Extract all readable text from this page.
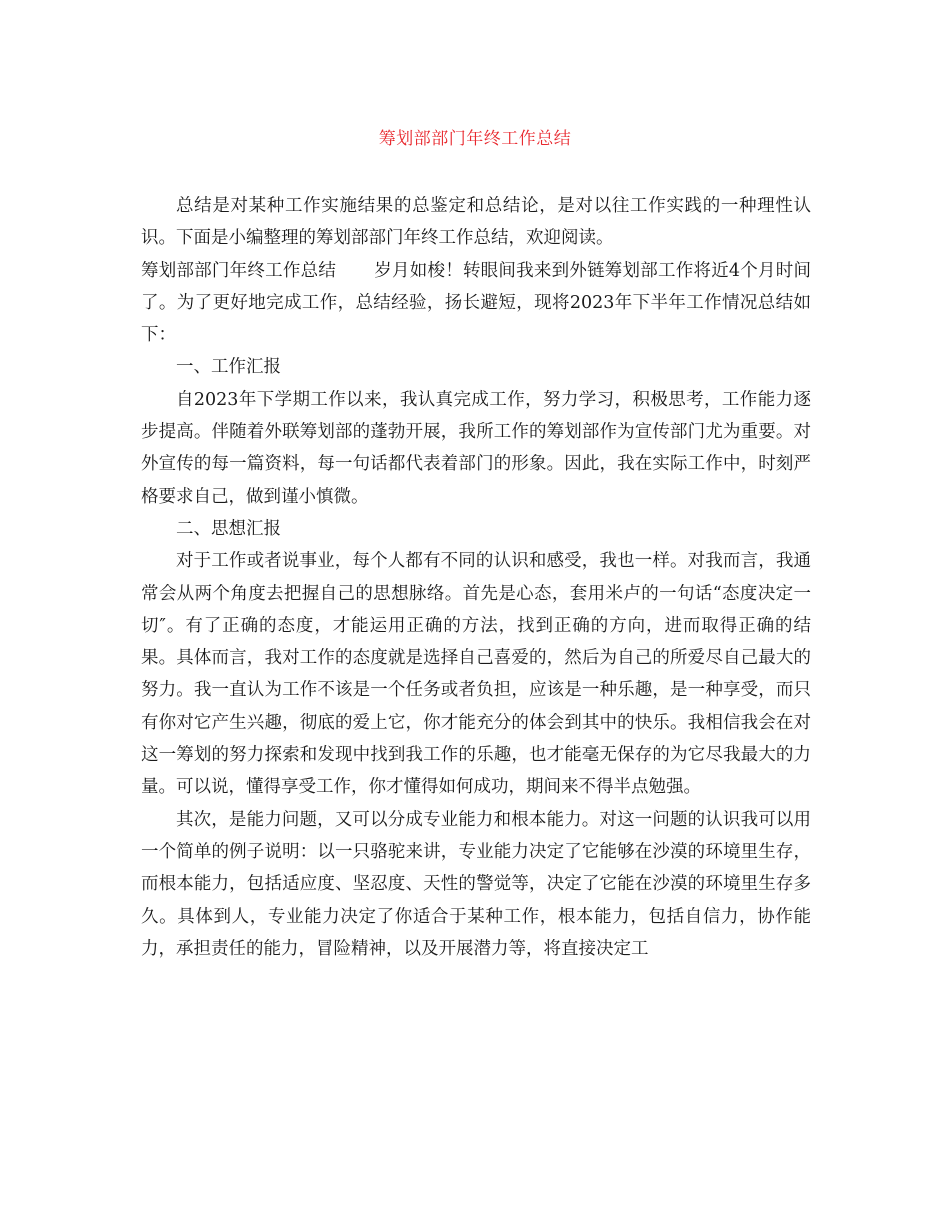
筹划部部门年终工作总结

总结是对某种工作实施结果的总鉴定和总结论，是对以往工作实践的一种理性认识。下面是小编整理的筹划部部门年终工作总结，欢迎阅读。

筹划部部门年终工作总结 岁月如梭！转眼间我来到外链筹划部工作将近4个月时间了。为了更好地完成工作，总结经验，扬长避短，现将2023年下半年工作情况总结如下：

一、工作汇报

自2023年下学期工作以来，我认真完成工作，努力学习，积极思考，工作能力逐步提高。伴随着外联筹划部的蓬勃开展，我所工作的筹划部作为宣传部门尤为重要。对外宣传的每一篇资料，每一句话都代表着部门的形象。因此，我在实际工作中，时刻严格要求自己，做到谨小慎微。

二、思想汇报

对于工作或者说事业，每个人都有不同的认识和感受，我也一样。对我而言，我通常会从两个角度去把握自己的思想脉络。首先是心态，套用米卢的一句话“态度决定一切″。有了正确的态度，才能运用正确的方法，找到正确的方向，进而取得正确的结果。具体而言，我对工作的态度就是选择自己喜爱的，然后为自己的所爱尽自己最大的努力。我一直认为工作不该是一个任务或者负担，应该是一种乐趣，是一种享受，而只有你对它产生兴趣，彻底的爱上它，你才能充分的体会到其中的快乐。我相信我会在对这一筹划的努力探索和发现中找到我工作的乐趣，也才能毫无保存的为它尽我最大的力量。可以说，懂得享受工作，你才懂得如何成功，期间来不得半点勉强。

其次，是能力问题，又可以分成专业能力和根本能力。对这一问题的认识我可以用一个简单的例子说明：以一只骆驼来讲，专业能力决定了它能够在沙漠的环境里生存，而根本能力，包括适应度、坚忍度、天性的警觉等，决定了它能在沙漠的环境里生存多久。具体到人，专业能力决定了你适合于某种工作，根本能力，包括自信力，协作能力，承担责任的能力，冒险精神，以及开展潜力等，将直接决定工
